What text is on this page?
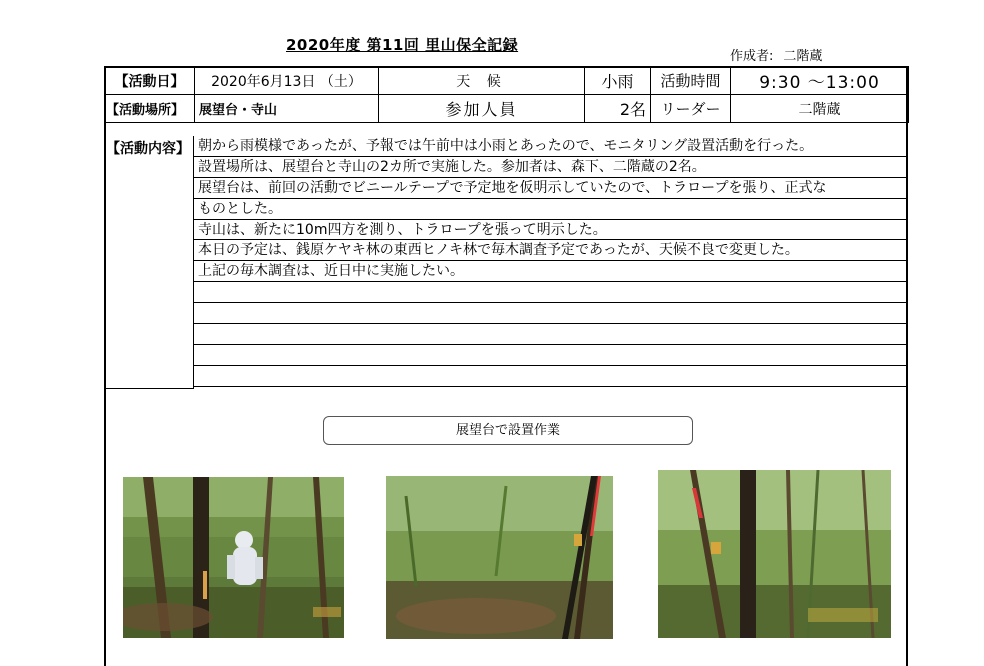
2020年度 第11回 里山保全記録
作成者: 二階蔵
【活動日】	2020年6月13日 （土）	天 候	小雨	活動時間	9:30 〜13:00
【活動場所】	展望台・寺山	参加人員	2名	リーダー	二階蔵
【活動内容】 朝から雨模様であったが、予報では午前中は小雨とあったので、モニタリング設置活動を行った。
設置場所は、展望台と寺山の2カ所で実施した。参加者は、森下、二階蔵の2名。
展望台は、前回の活動でビニールテープで予定地を仮明示していたので、トラロープを張り、正式な
ものとした。
寺山は、新たに10m四方を測り、トラロープを張って明示した。
本日の予定は、銭原ケヤキ林の東西ヒノキ林で毎木調査予定であったが、天候不良で変更した。
上記の毎木調査は、近日中に実施したい。
展望台で設置作業
